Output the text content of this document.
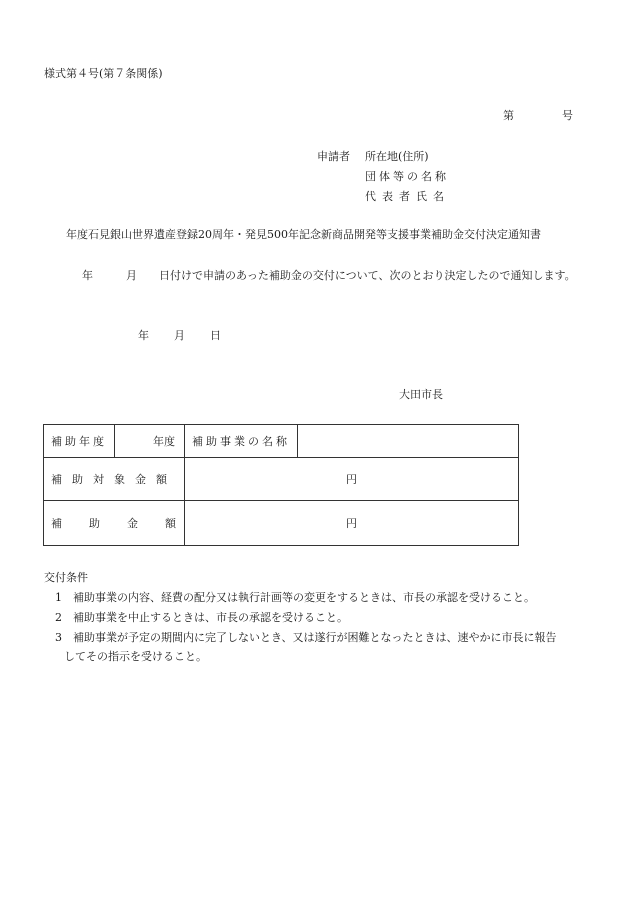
様式第４号(第７条関係)
第	号
申請者 所在地(住所)
団体等の名称
代表者氏名
年度石見銀山世界遺産登録20周年・発見500年記念新商品開発等支援事業補助金交付決定通知書
年	月 日付けで申請のあった補助金の交付について、次のとおり決定したので通知します。
年 月 日
大田市長
補助年度	年度	補助事業の名称	
補助対象金額		円	
補助金額		円	
交付条件
1 補助事業の内容、経費の配分又は執行計画等の変更をするときは、市長の承認を受けること。
2 補助事業を中止するときは、市長の承認を受けること。
3 補助事業が予定の期間内に完了しないとき、又は遂行が困難となったときは、速やかに市長に報告
してその指示を受けること。
